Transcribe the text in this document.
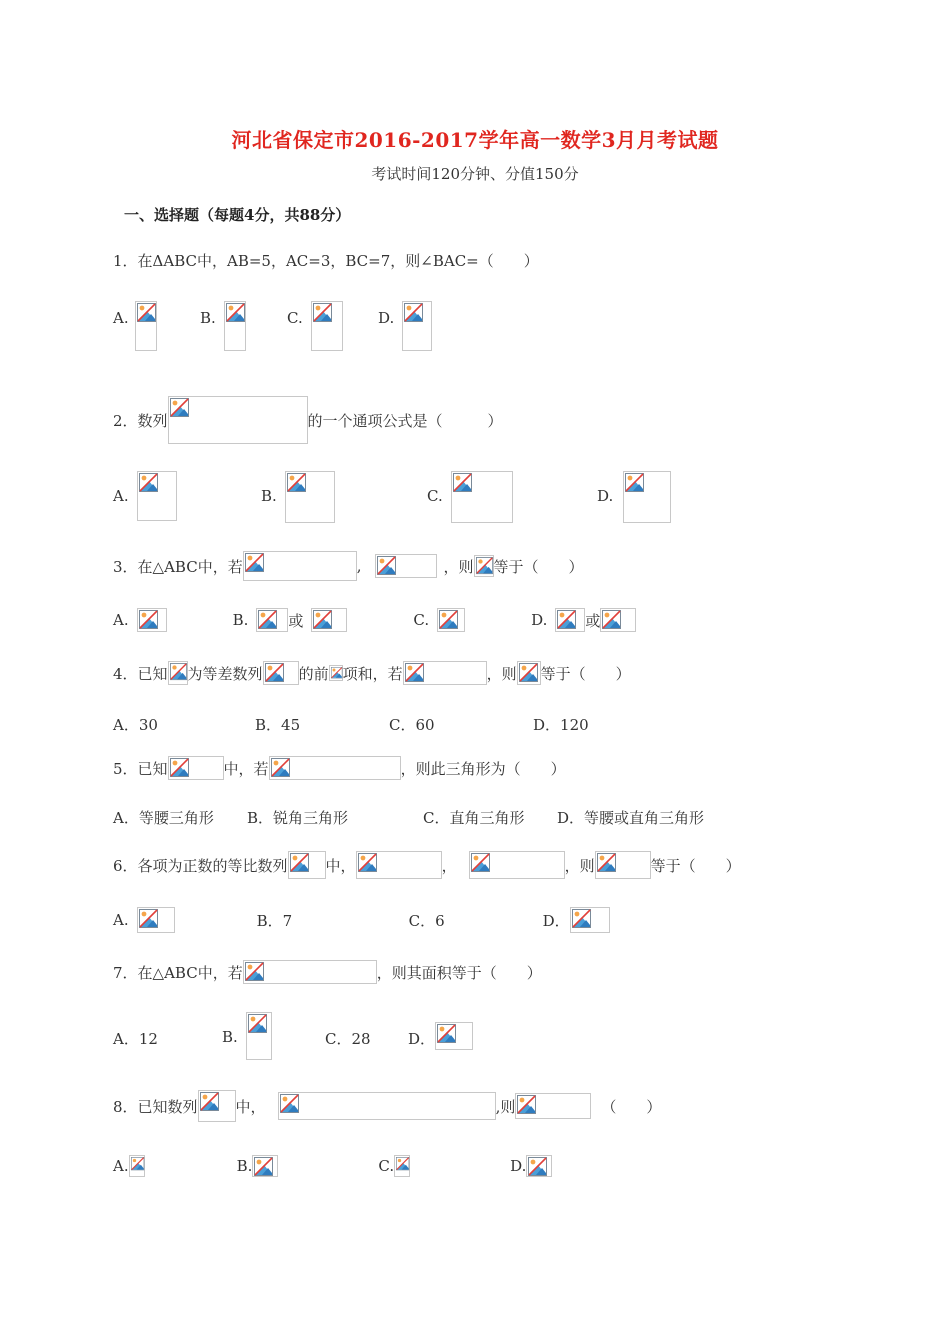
河北省保定市2016-2017学年高一数学3月月考试题
考试时间120分钟、分值150分
一、选择题（每题4分，共88分）
1．在ΔABC中，AB=5，AC=3，BC=7，则∠BAC=（　　）
A.	B.	C.	D.
2．数列	的一个通项公式是（　　　）
A.	B.	C.	D.
3．在△ABC中，若	,	，则 等于（　　）
A.	B.	或	C.	D.	或
4．已知 为等差数列 的前 项和，若	，则 等于（　　）
A．30	B．45	C．60	D．120
5．已知	中，若	，则此三角形为（　　）
A．等腰三角形	B．锐角三角形	C．直角三角形	D．等腰或直角三角形
6．各项为正数的等比数列	中，	，	，则	等于（　　）
A.	B．7	C．6	D．
7．在△ABC中，若	，则其面积等于（　　）
A．12	B.	C．28 D．
8．已知数列	中，	,则	（　　）
A.	B.	C.	D.
